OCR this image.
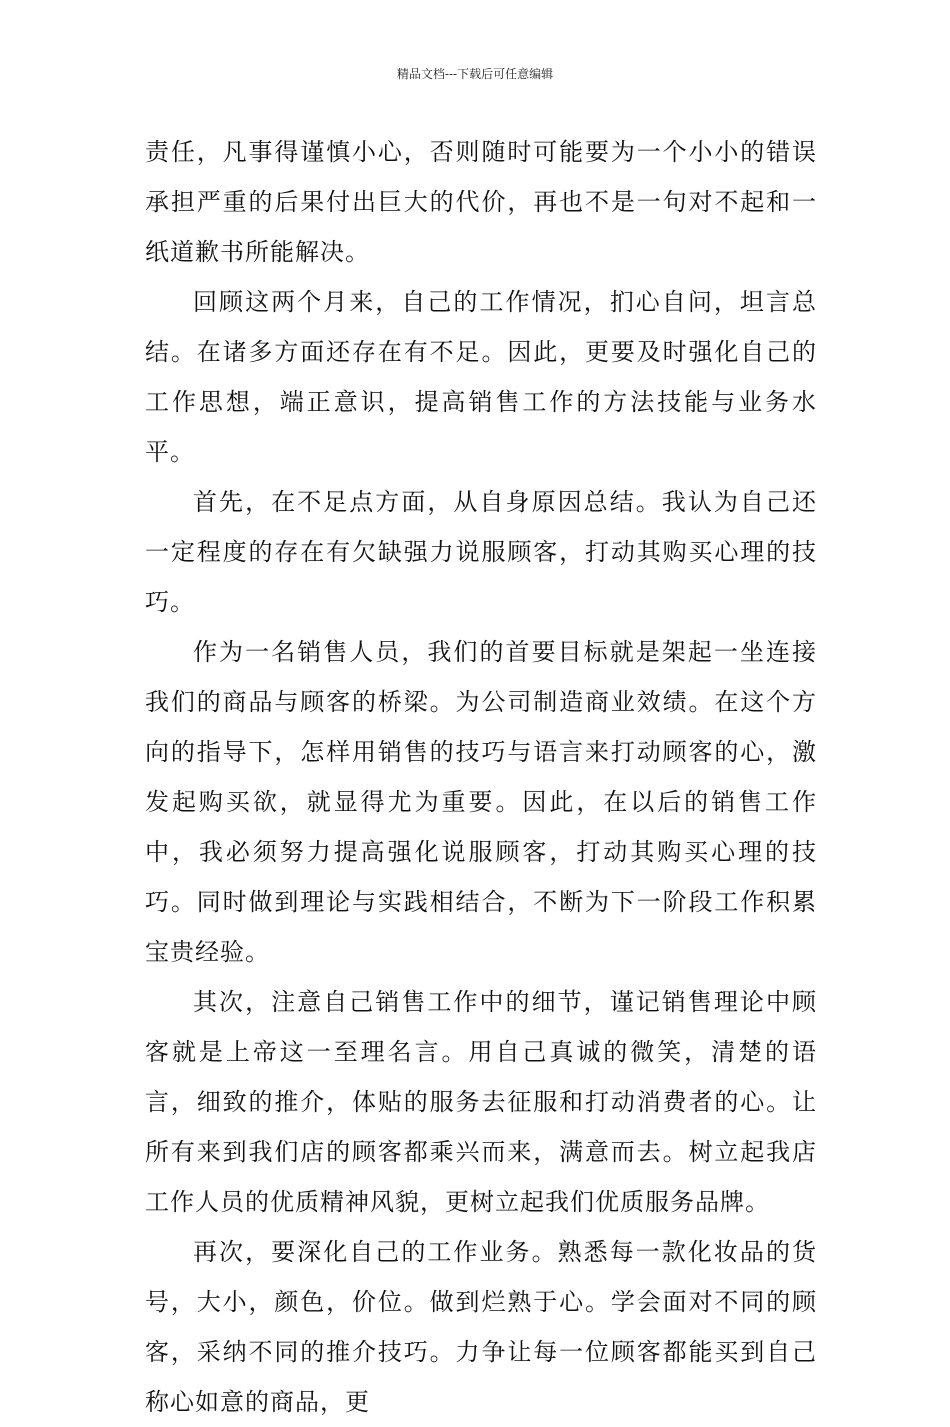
精品文档---下载后可任意编辑

责任，凡事得谨慎小心，否则随时可能要为一个小小的错误承担严重的后果付出巨大的代价，再也不是一句对不起和一纸道歉书所能解决。

回顾这两个月来，自己的工作情况，扪心自问，坦言总结。在诸多方面还存在有不足。因此，更要及时强化自己的工作思想，端正意识，提高销售工作的方法技能与业务水平。

首先，在不足点方面，从自身原因总结。我认为自己还一定程度的存在有欠缺强力说服顾客，打动其购买心理的技巧。

作为一名销售人员，我们的首要目标就是架起一坐连接我们的商品与顾客的桥梁。为公司制造商业效绩。在这个方向的指导下，怎样用销售的技巧与语言来打动顾客的心，激发起购买欲，就显得尤为重要。因此，在以后的销售工作中，我必须努力提高强化说服顾客，打动其购买心理的技巧。同时做到理论与实践相结合，不断为下一阶段工作积累宝贵经验。

其次，注意自己销售工作中的细节，谨记销售理论中顾客就是上帝这一至理名言。用自己真诚的微笑，清楚的语言，细致的推介，体贴的服务去征服和打动消费者的心。让所有来到我们店的顾客都乘兴而来，满意而去。树立起我店工作人员的优质精神风貌，更树立起我们优质服务品牌。

再次，要深化自己的工作业务。熟悉每一款化妆品的货号，大小，颜色，价位。做到烂熟于心。学会面对不同的顾客，采纳不同的推介技巧。力争让每一位顾客都能买到自己称心如意的商品，更
